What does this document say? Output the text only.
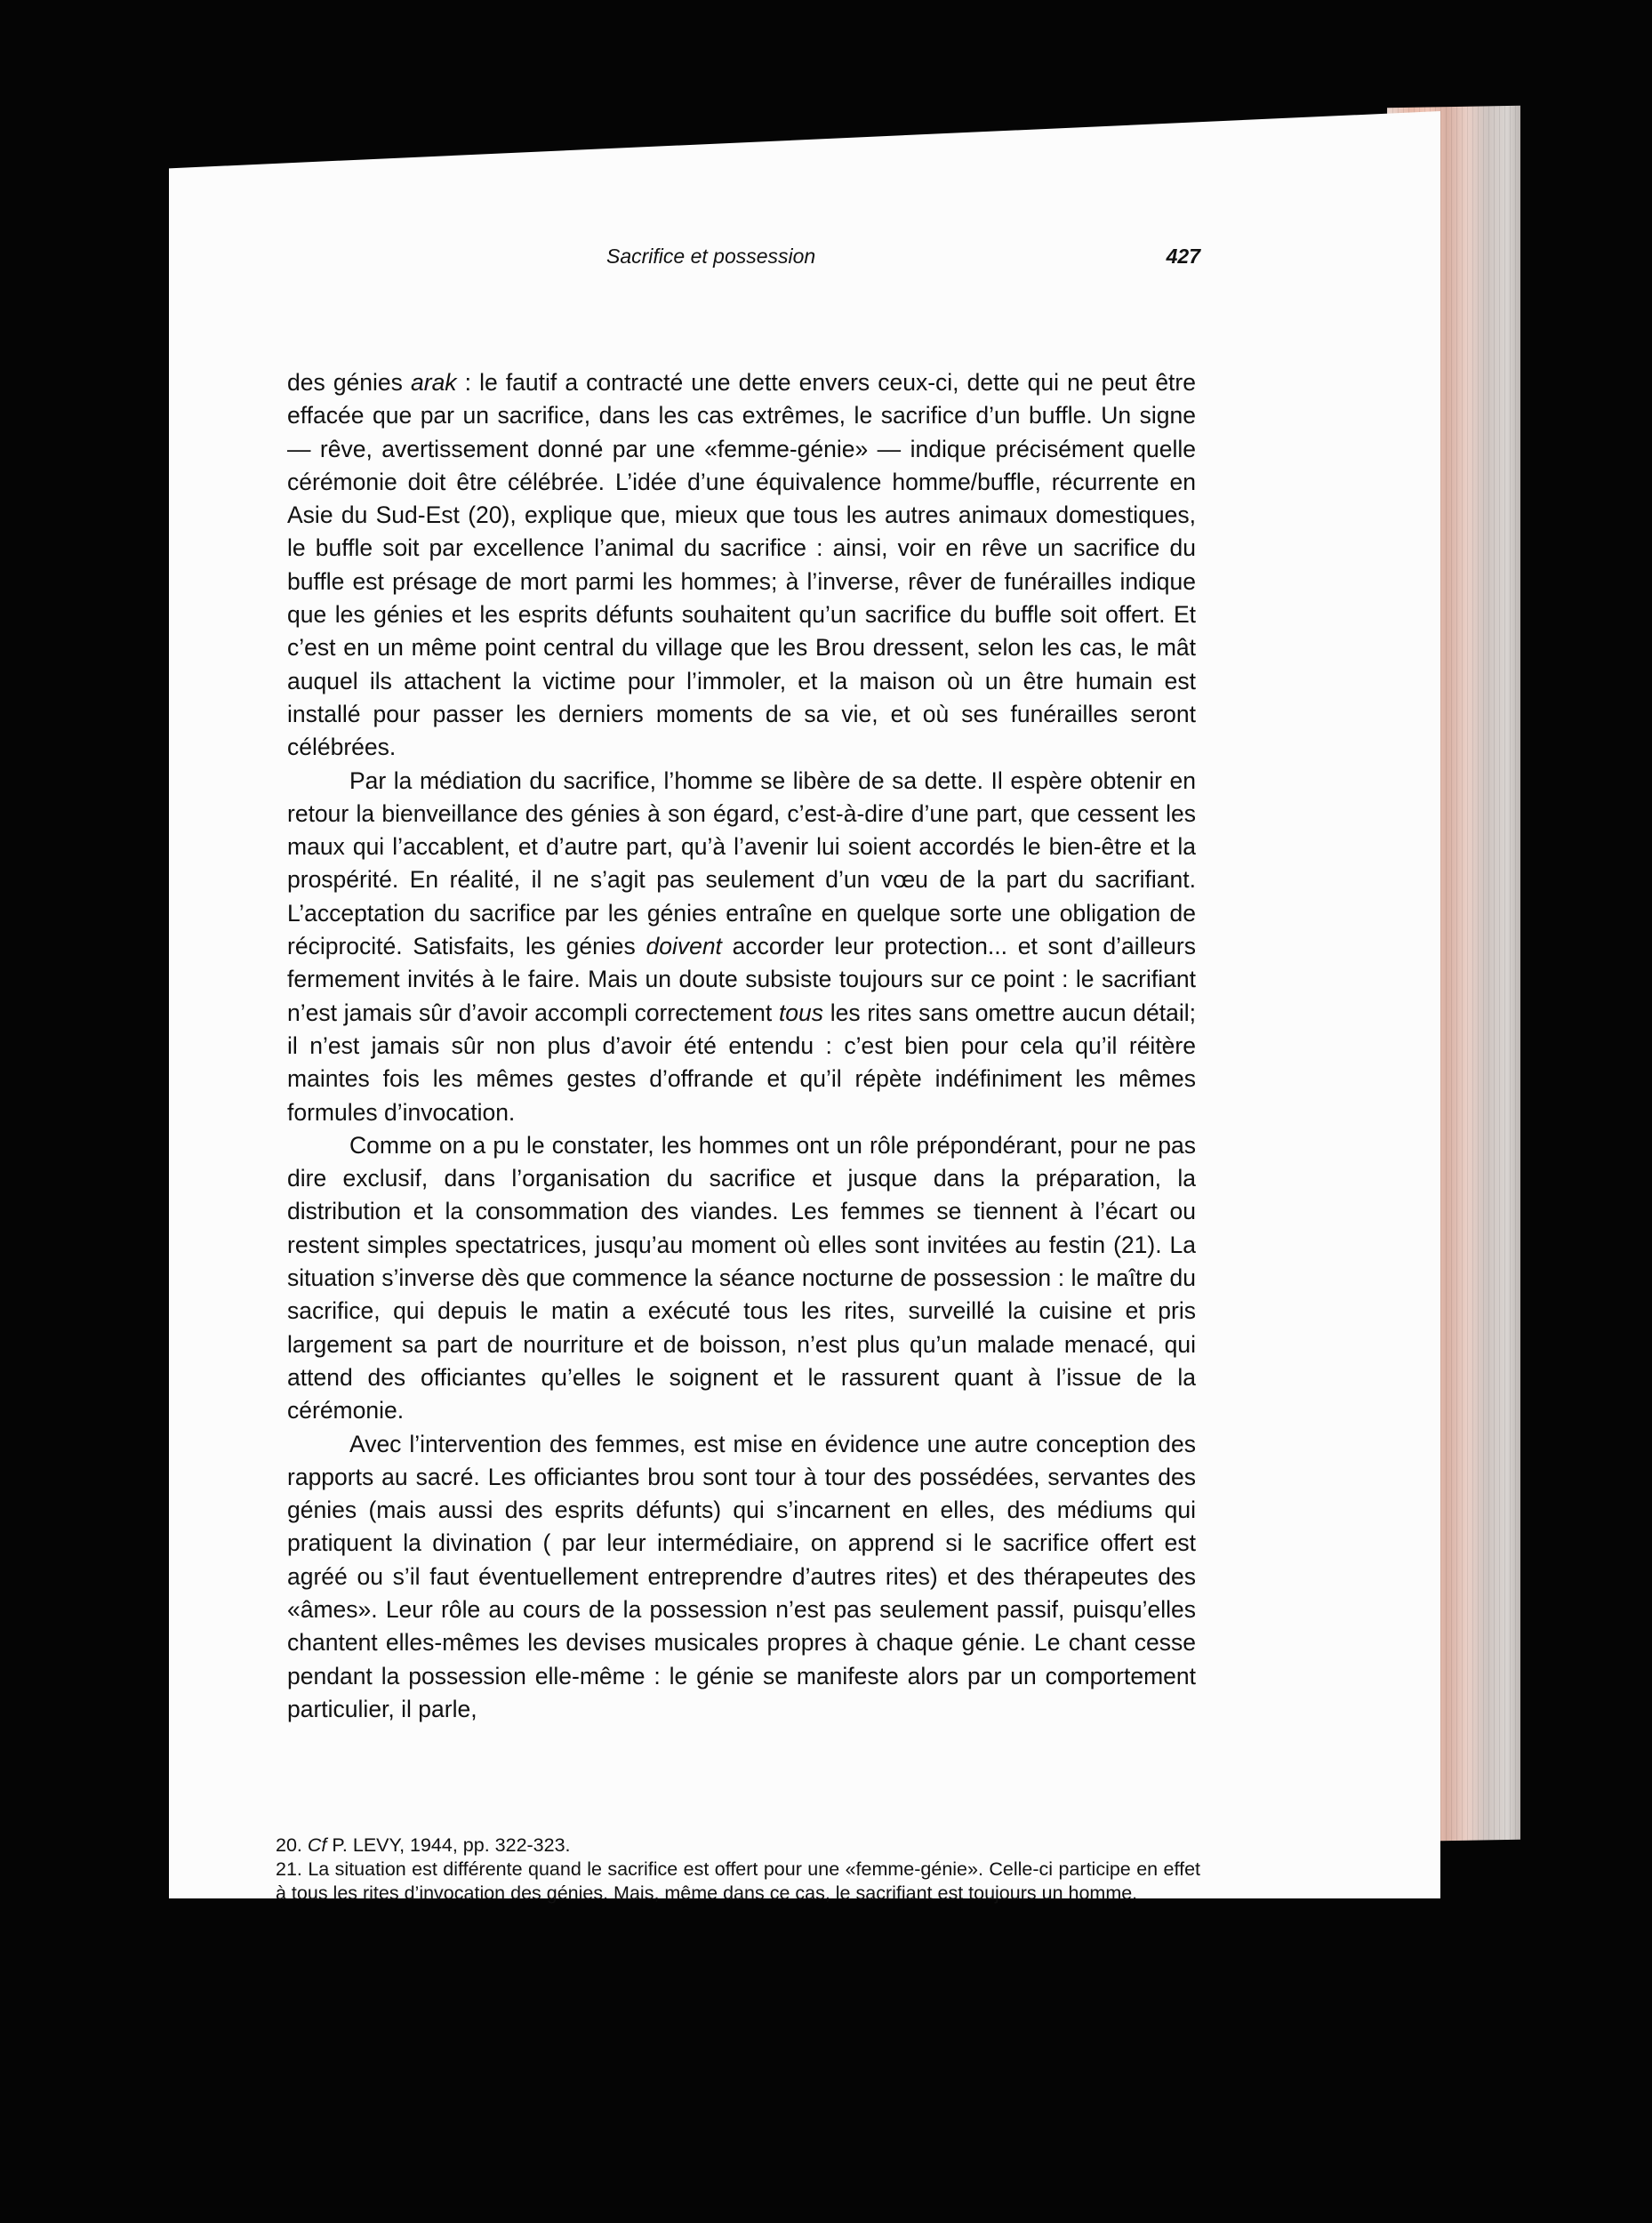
Sacrifice et possession	427

des génies arak : le fautif a contracté une dette envers ceux-ci, dette qui ne peut être effacée que par un sacrifice, dans les cas extrêmes, le sacrifice d’un buffle. Un signe — rêve, avertissement donné par une «femme-génie» — indique précisément quelle cérémonie doit être célébrée. L’idée d’une équivalence homme/buffle, récurrente en Asie du Sud-Est (20), explique que, mieux que tous les autres animaux domestiques, le buffle soit par excellence l’animal du sacrifice : ainsi, voir en rêve un sacrifice du buffle est présage de mort parmi les hommes; à l’inverse, rêver de funérailles indique que les génies et les esprits défunts souhaitent qu’un sacrifice du buffle soit offert. Et c’est en un même point central du village que les Brou dressent, selon les cas, le mât auquel ils attachent la victime pour l’immoler, et la maison où un être humain est installé pour passer les derniers moments de sa vie, et où ses funérailles seront célébrées.

Par la médiation du sacrifice, l’homme se libère de sa dette. Il espère obtenir en retour la bienveillance des génies à son égard, c’est-à-dire d’une part, que cessent les maux qui l’accablent, et d’autre part, qu’à l’avenir lui soient accordés le bien-être et la prospérité. En réalité, il ne s’agit pas seulement d’un vœu de la part du sacrifiant. L’acceptation du sacrifice par les génies entraîne en quelque sorte une obligation de réciprocité. Satisfaits, les génies doivent accorder leur protection... et sont d’ailleurs fermement invités à le faire. Mais un doute subsiste toujours sur ce point : le sacrifiant n’est jamais sûr d’avoir accompli correctement tous les rites sans omettre aucun détail; il n’est jamais sûr non plus d’avoir été entendu : c’est bien pour cela qu’il réitère maintes fois les mêmes gestes d’offrande et qu’il répète indéfiniment les mêmes formules d’invocation.

Comme on a pu le constater, les hommes ont un rôle prépondérant, pour ne pas dire exclusif, dans l’organisation du sacrifice et jusque dans la préparation, la distribution et la consommation des viandes. Les femmes se tiennent à l’écart ou restent simples spectatrices, jusqu’au moment où elles sont invitées au festin (21). La situation s’inverse dès que commence la séance nocturne de possession : le maître du sacrifice, qui depuis le matin a exécuté tous les rites, surveillé la cuisine et pris largement sa part de nourriture et de boisson, n’est plus qu’un malade menacé, qui attend des officiantes qu’elles le soignent et le rassurent quant à l’issue de la cérémonie.

Avec l’intervention des femmes, est mise en évidence une autre conception des rapports au sacré. Les officiantes brou sont tour à tour des possédées, servantes des génies (mais aussi des esprits défunts) qui s’incarnent en elles, des médiums qui pratiquent la divination ( par leur intermédiaire, on apprend si le sacrifice offert est agréé ou s’il faut éventuellement entreprendre d’autres rites) et des thérapeutes des «âmes». Leur rôle au cours de la possession n’est pas seulement passif, puisqu’elles chantent elles-mêmes les devises musicales propres à chaque génie. Le chant cesse pendant la possession elle-même : le génie se manifeste alors par un comportement particulier, il parle,

20. Cf P. LEVY, 1944, pp. 322-323.

21. La situation est différente quand le sacrifice est offert pour une «femme-génie». Celle-ci participe en effet à tous les rites d’invocation des génies. Mais, même dans ce cas, le sacrifiant est toujours un homme.
